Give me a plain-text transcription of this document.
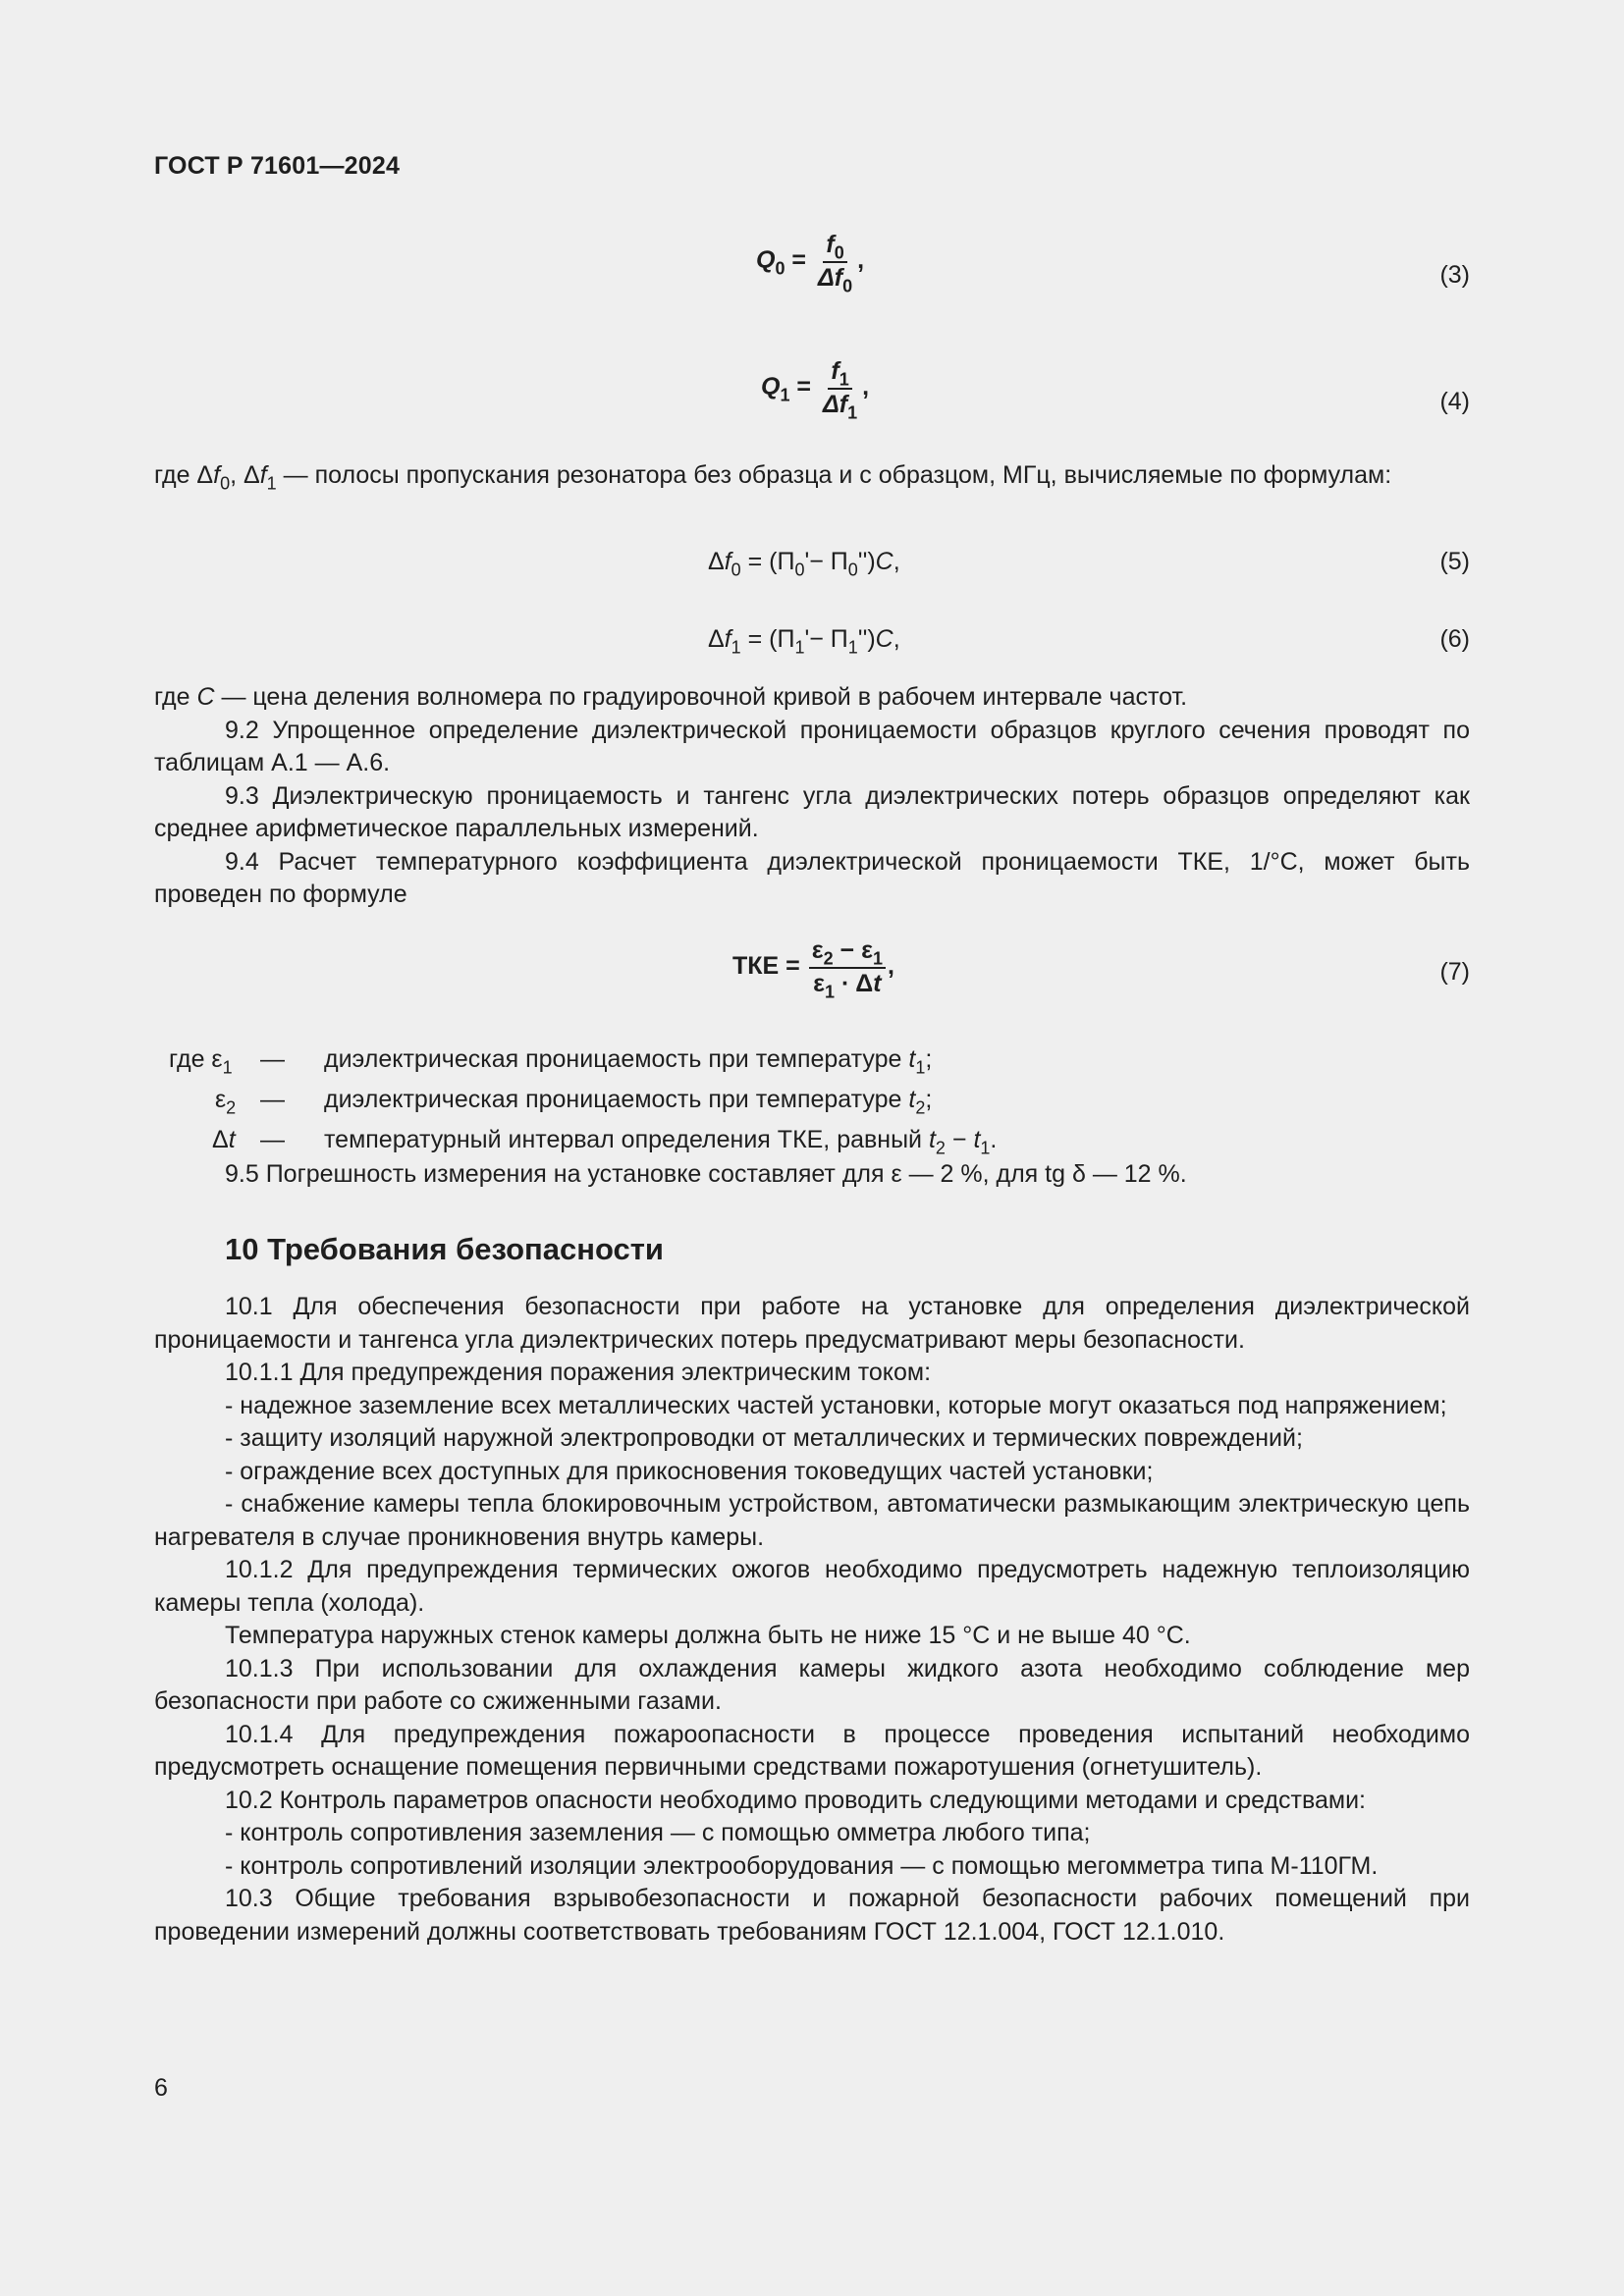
ГОСТ Р 71601—2024
$Q_0 = \frac{f_0}{\Delta f_0}$ ,
(3)
$Q_1 = \frac{f_1}{\Delta f_1}$ ,
(4)

где $\Delta f_0$, $\Delta f_1$ — полосы пропускания резонатора без образца и с образцом, МГц, вычисляемые по формулам:

$\Delta f_0 = (П_0'- П_0'')C$,	(5)
$\Delta f_1 = (П_1'- П_1'')C$,	(6)

где C — цена деления волномера по градуировочной кривой в рабочем интервале частот.

9.2 Упрощенное определение диэлектрической проницаемости образцов круглого сечения проводят по таблицам А.1 — А.6.

9.3 Диэлектрическую проницаемость и тангенс угла диэлектрических потерь образцов определяют как среднее арифметическое параллельных измерений.

9.4 Расчет температурного коэффициента диэлектрической проницаемости ТКЕ, 1/°С, может быть проведен по формуле

ТКЕ = $\frac{\varepsilon_2 - \varepsilon_1}{\varepsilon_1 \cdot \Delta t}$ ,	(7)
где $\varepsilon_1$ — диэлектрическая проницаемость при температуре $t_1$;
$\varepsilon_2$ — диэлектрическая проницаемость при температуре $t_2$;
Δt — температурный интервал определения ТКЕ, равный $t_2 - t_1$.

9.5 Погрешность измерения на установке составляет для ε — 2 %, для tg δ — 12 %.

10 Требования безопасности

10.1 Для обеспечения безопасности при работе на установке для определения диэлектрической проницаемости и тангенса угла диэлектрических потерь предусматривают меры безопасности.

10.1.1 Для предупреждения поражения электрическим током:

- надежное заземление всех металлических частей установки, которые могут оказаться под напряжением;

- защиту изоляций наружной электропроводки от металлических и термических повреждений;

- ограждение всех доступных для прикосновения токоведущих частей установки;

- снабжение камеры тепла блокировочным устройством, автоматически размыкающим электрическую цепь нагревателя в случае проникновения внутрь камеры.

10.1.2 Для предупреждения термических ожогов необходимо предусмотреть надежную теплоизоляцию камеры тепла (холода).

Температура наружных стенок камеры должна быть не ниже 15 °С и не выше 40 °С.

10.1.3 При использовании для охлаждения камеры жидкого азота необходимо соблюдение мер безопасности при работе со сжиженными газами.

10.1.4 Для предупреждения пожароопасности в процессе проведения испытаний необходимо предусмотреть оснащение помещения первичными средствами пожаротушения (огнетушитель).

10.2 Контроль параметров опасности необходимо проводить следующими методами и средствами:

- контроль сопротивления заземления — с помощью омметра любого типа;

- контроль сопротивлений изоляции электрооборудования — с помощью мегомметра типа М-110ГМ.

10.3 Общие требования взрывобезопасности и пожарной безопасности рабочих помещений при проведении измерений должны соответствовать требованиям ГОСТ 12.1.004, ГОСТ 12.1.010.

6
